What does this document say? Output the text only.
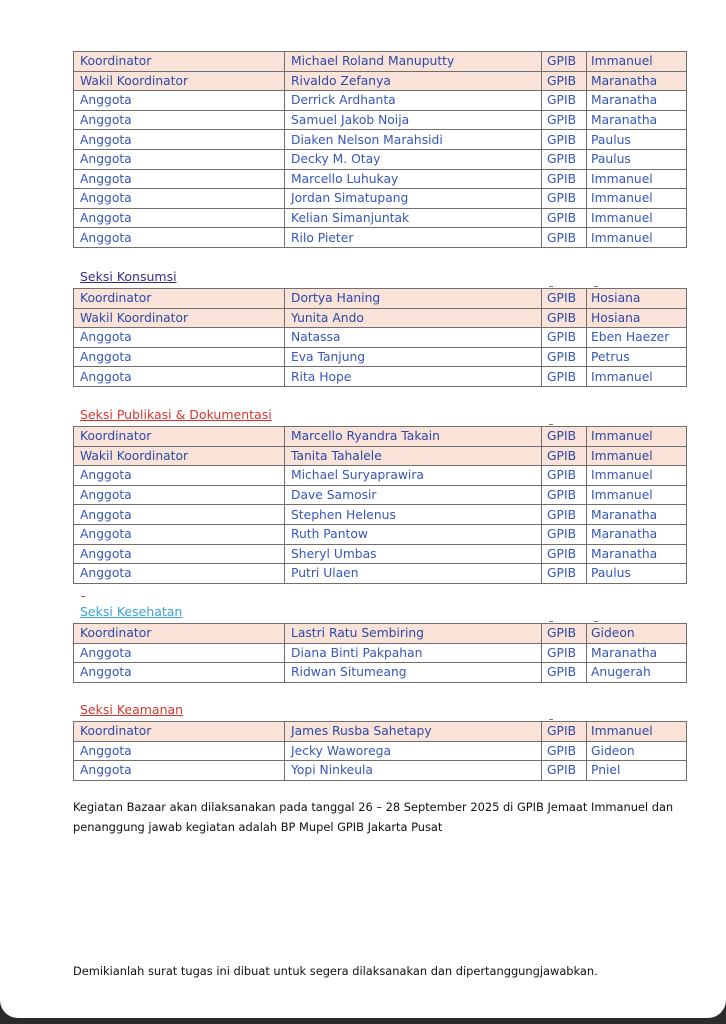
Koordinator	Michael Roland Manuputty	GPIB	Immanuel
Wakil Koordinator	Rivaldo Zefanya	GPIB	Maranatha
Anggota	Derrick Ardhanta	GPIB	Maranatha
Anggota	Samuel Jakob Noija	GPIB	Maranatha
Anggota	Diaken Nelson Marahsidi	GPIB	Paulus
Anggota	Decky M. Otay	GPIB	Paulus
Anggota	Marcello Luhukay	GPIB	Immanuel
Anggota	Jordan Simatupang	GPIB	Immanuel
Anggota	Kelian Simanjuntak	GPIB	Immanuel
Anggota	Rilo Pieter	GPIB	Immanuel
Seksi Konsumsi
Koordinator	Dortya Haning	GPIB	Hosiana
Wakil Koordinator	Yunita Ando	GPIB	Hosiana
Anggota	Natassa	GPIB	Eben Haezer
Anggota	Eva Tanjung	GPIB	Petrus
Anggota	Rita Hope	GPIB	Immanuel
Seksi Publikasi & Dokumentasi
Koordinator	Marcello Ryandra Takain	GPIB	Immanuel
Wakil Koordinator	Tanita Tahalele	GPIB	Immanuel
Anggota	Michael Suryaprawira	GPIB	Immanuel
Anggota	Dave Samosir	GPIB	Immanuel
Anggota	Stephen Helenus	GPIB	Maranatha
Anggota	Ruth Pantow	GPIB	Maranatha
Anggota	Sheryl Umbas	GPIB	Maranatha
Anggota	Putri Ulaen	GPIB	Paulus
Seksi Kesehatan
Koordinator	Lastri Ratu Sembiring	GPIB	Gideon
Anggota	Diana Binti Pakpahan	GPIB	Maranatha
Anggota	Ridwan Situmeang	GPIB	Anugerah
Seksi Keamanan
Koordinator	James Rusba Sahetapy	GPIB	Immanuel
Anggota	Jecky Waworega	GPIB	Gideon
Anggota	Yopi Ninkeula	GPIB	Pniel
Kegiatan Bazaar akan dilaksanakan pada tanggal 26 – 28 September 2025 di GPIB Jemaat Immanuel dan penanggung jawab kegiatan adalah BP Mupel GPIB Jakarta Pusat
Demikianlah surat tugas ini dibuat untuk segera dilaksanakan dan dipertanggungjawabkan.
